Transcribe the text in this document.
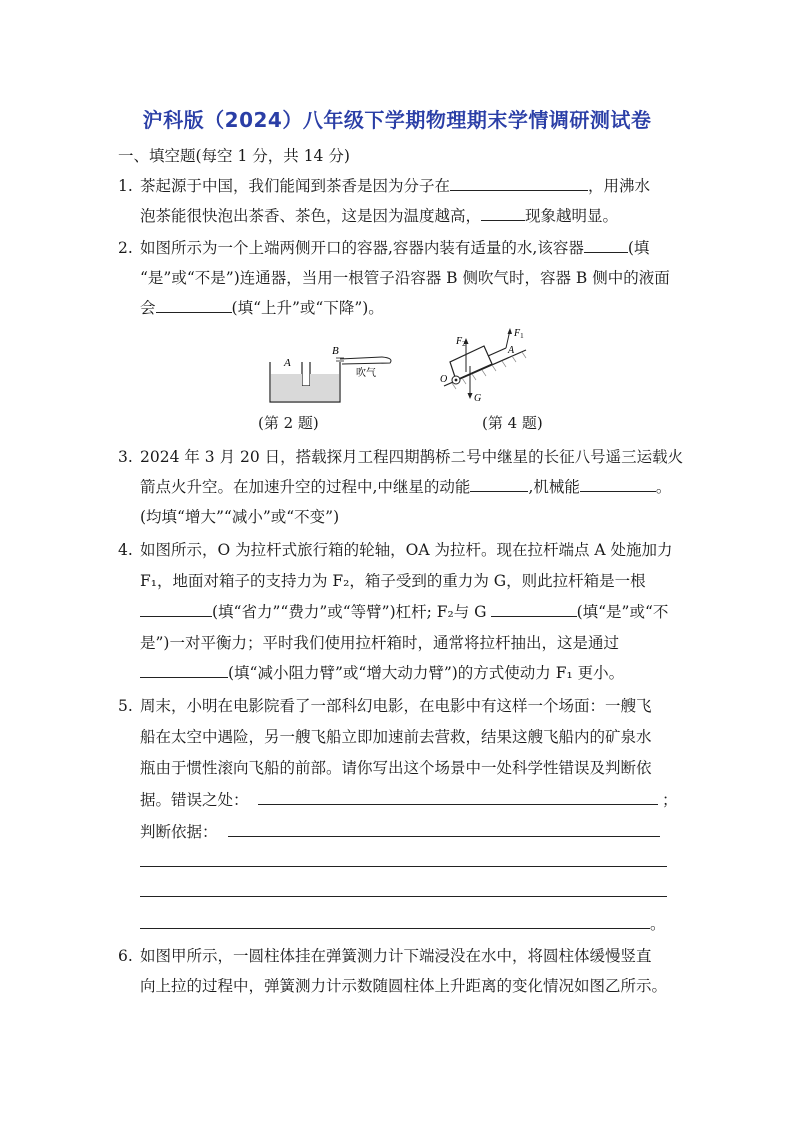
沪科版（2024）八年级下学期物理期末学情调研测试卷
一、填空题(每空 1 分，共 14 分)
1. 茶起源于中国，我们能闻到茶香是因为分子在	，用沸水
泡茶能很快泡出茶香、茶色，这是因为温度越高，	现象越明显。
2. 如图所示为一个上端两侧开口的容器,容器内装有适量的水,该容器	(填
“是”或“不是”)连通器，当用一根管子沿容器 B 侧吹气时，容器 B 侧中的液面
会	(填“上升”或“下降”)。
A
B
吹气
(第 2 题)
$F_1$
$F_2$
A
O
G
(第 4 题)
3. 2024 年 3 月 20 日，搭载探月工程四期鹊桥二号中继星的长征八号遥三运载火
箭点火升空。在加速升空的过程中,中继星的动能	,机械能	。
(均填“增大”“减小”或“不变”)
4. 如图所示，O 为拉杆式旅行箱的轮轴，OA 为拉杆。现在拉杆端点 A 处施加力
F₁，地面对箱子的支持力为 F₂，箱子受到的重力为 G，则此拉杆箱是一根
(填“省力”“费力”或“等臂”)杠杆; F₂与 G	(填“是”或“不
是”)一对平衡力；平时我们使用拉杆箱时，通常将拉杆抽出，这是通过
(填“减小阻力臂”或“增大动力臂”)的方式使动力 F₁ 更小。
5. 周末，小明在电影院看了一部科幻电影，在电影中有这样一个场面：一艘飞
船在太空中遇险，另一艘飞船立即加速前去营救，结果这艘飞船内的矿泉水
瓶由于惯性滚向飞船的前部。请你写出这个场景中一处科学性错误及判断依
据。错误之处：	；
判断依据：
。
6. 如图甲所示，一圆柱体挂在弹簧测力计下端浸没在水中，将圆柱体缓慢竖直
向上拉的过程中，弹簧测力计示数随圆柱体上升距离的变化情况如图乙所示。
